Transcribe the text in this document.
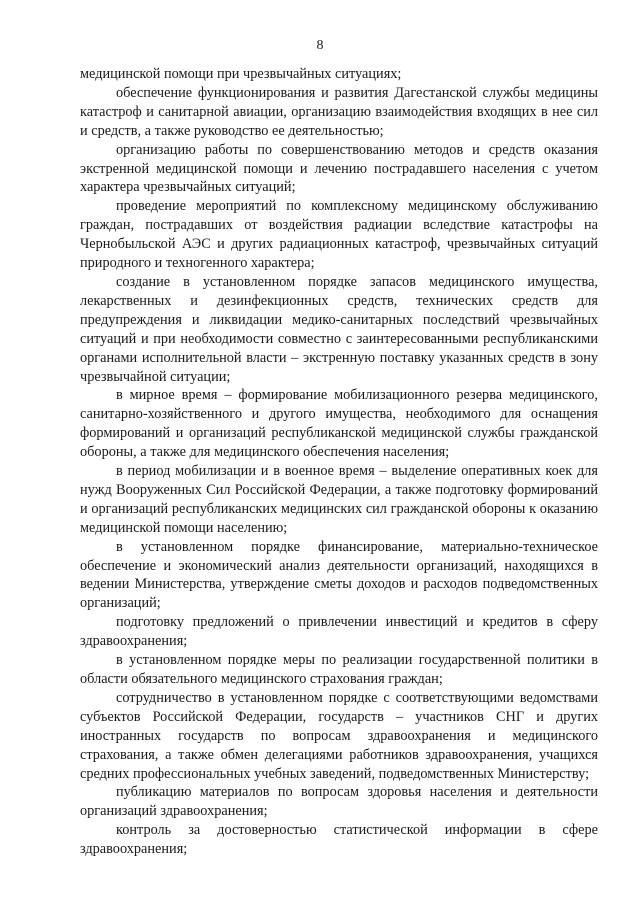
8

медицинской помощи при чрезвычайных ситуациях;

обеспечение функционирования и развития Дагестанской службы медицины катастроф и санитарной авиации, организацию взаимодействия входящих в нее сил и средств, а также руководство ее деятельностью;

организацию работы по совершенствованию методов и средств оказания экстренной медицинской помощи и лечению пострадавшего населения с учетом характера чрезвычайных ситуаций;

проведение мероприятий по комплексному медицинскому обслуживанию граждан, пострадавших от воздействия радиации вследствие катастрофы на Чернобыльской АЭС и других радиационных катастроф, чрезвычайных ситуаций природного и техногенного характера;

создание в установленном порядке запасов медицинского имущества, лекарственных и дезинфекционных средств, технических средств для предупреждения и ликвидации медико-санитарных последствий чрезвычайных ситуаций и при необходимости совместно с заинтересованными республиканскими органами исполнительной власти – экстренную поставку указанных средств в зону чрезвычайной ситуации;

в мирное время – формирование мобилизационного резерва медицинского, санитарно-хозяйственного и другого имущества, необходимого для оснащения формирований и организаций республиканской медицинской службы гражданской обороны, а также для медицинского обеспечения населения;

в период мобилизации и в военное время – выделение оперативных коек для нужд Вооруженных Сил Российской Федерации, а также подготовку формирований и организаций республиканских медицинских сил гражданской обороны к оказанию медицинской помощи населению;

в установленном порядке финансирование, материально-техническое обеспечение и экономический анализ деятельности организаций, находящихся в ведении Министерства, утверждение сметы доходов и расходов подведомственных организаций;

подготовку предложений о привлечении инвестиций и кредитов в сферу здравоохранения;

в установленном порядке меры по реализации государственной политики в области обязательного медицинского страхования граждан;

сотрудничество в установленном порядке с соответствующими ведомствами субъектов Российской Федерации, государств – участников СНГ и других иностранных государств по вопросам здравоохранения и медицинского страхования, а также обмен делегациями работников здравоохранения, учащихся средних профессиональных учебных заведений, подведомственных Министерству;

публикацию материалов по вопросам здоровья населения и деятельности организаций здравоохранения;

контроль за достоверностью статистической информации в сфере здравоохранения;
